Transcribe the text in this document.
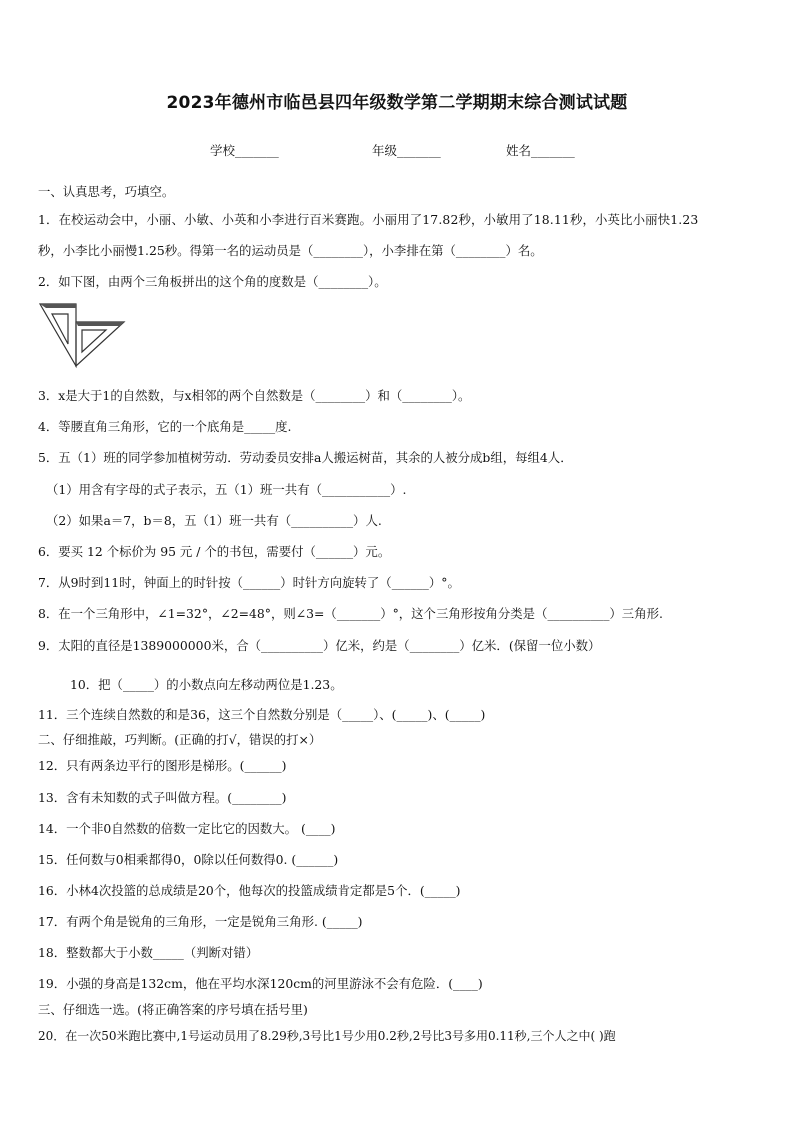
2023年德州市临邑县四年级数学第二学期期末综合测试试题
学校_______	年级_______	姓名_______
一、认真思考，巧填空。
1．在校运动会中，小丽、小敏、小英和小李进行百米赛跑。小丽用了17.82秒，小敏用了18.11秒，小英比小丽快1.23
秒，小李比小丽慢1.25秒。得第一名的运动员是（________），小李排在第（________）名。
2．如下图，由两个三角板拼出的这个角的度数是（________）。
3．x是大于1的自然数，与x相邻的两个自然数是（________）和（________）。
4．等腰直角三角形，它的一个底角是_____度.
5．五（1）班的同学参加植树劳动．劳动委员安排a人搬运树苗，其余的人被分成b组，每组4人．
（1）用含有字母的式子表示，五（1）班一共有（___________）.
（2）如果a＝7，b＝8，五（1）班一共有（__________）人.
6．要买 12 个标价为 95 元 / 个的书包，需要付（______）元。
7．从9时到11时，钟面上的时针按（______）时针方向旋转了（______）°。
8．在一个三角形中，∠1=32°，∠2=48°，则∠3=（_______）°，这个三角形按角分类是（__________）三角形.
9．太阳的直径是1389000000米，合（__________）亿米，约是（________）亿米．(保留一位小数）
10．把（_____）的小数点向左移动两位是1.23。
11．三个连续自然数的和是36，这三个自然数分别是（_____）、(_____)、(_____)
二、仔细推敲，巧判断。(正确的打√，错误的打×）
12．只有两条边平行的图形是梯形。(______)
13．含有未知数的式子叫做方程。(________)
14．一个非0自然数的倍数一定比它的因数大。 (____)
15．任何数与0相乘都得0，0除以任何数得0. (______)
16．小林4次投篮的总成绩是20个，他每次的投篮成绩肯定都是5个．(_____)
17．有两个角是锐角的三角形，一定是锐角三角形. (_____)
18．整数都大于小数_____（判断对错）
19．小强的身高是132cm，他在平均水深120cm的河里游泳不会有危险．(____)
三、仔细选一选。(将正确答案的序号填在括号里)
20．在一次50米跑比赛中,1号运动员用了8.29秒,3号比1号少用0.2秒,2号比3号多用0.11秒,三个人之中( )跑
